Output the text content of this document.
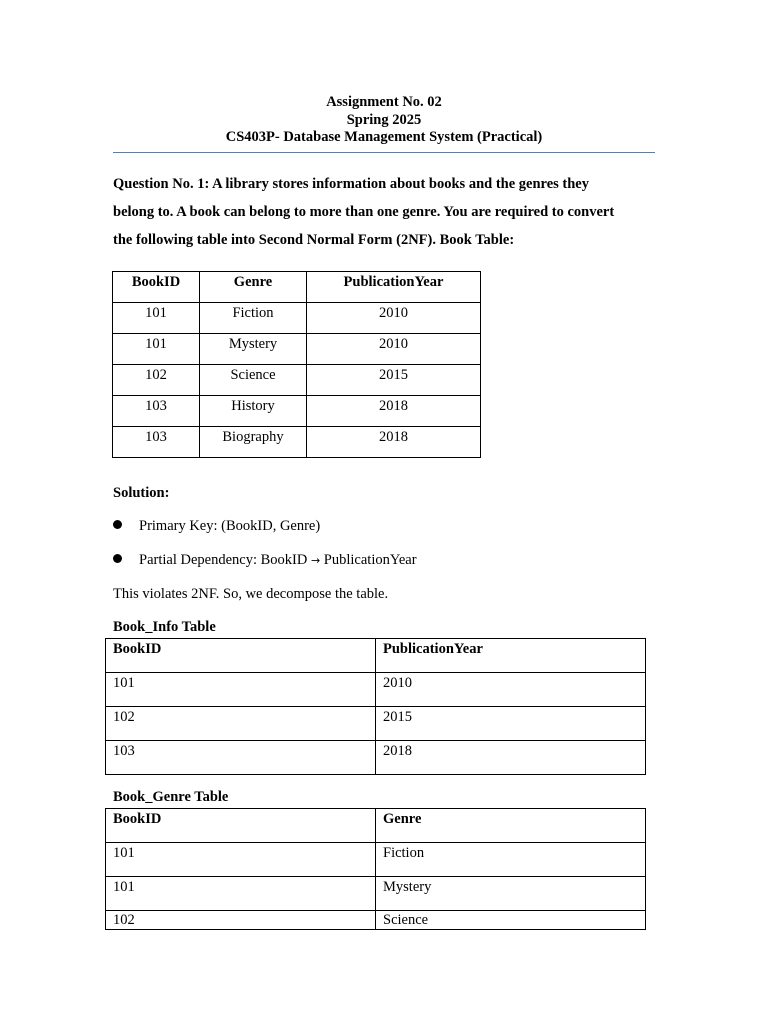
Assignment No. 02
Spring 2025
CS403P- Database Management System (Practical)
Question No. 1: A library stores information about books and the genres they
belong to. A book can belong to more than one genre. You are required to convert
the following table into Second Normal Form (2NF). Book Table:
BookID	Genre	PublicationYear
101	Fiction	2010
101	Mystery	2010
102	Science	2015
103	History	2018
103	Biography	2018
Solution:
Primary Key: (BookID, Genre)
Partial Dependency: BookID → PublicationYear
This violates 2NF. So, we decompose the table.
Book_Info Table
BookID	PublicationYear
101	2010
102	2015
103	2018
Book_Genre Table
BookID	Genre
101	Fiction
101	Mystery
102	Science
